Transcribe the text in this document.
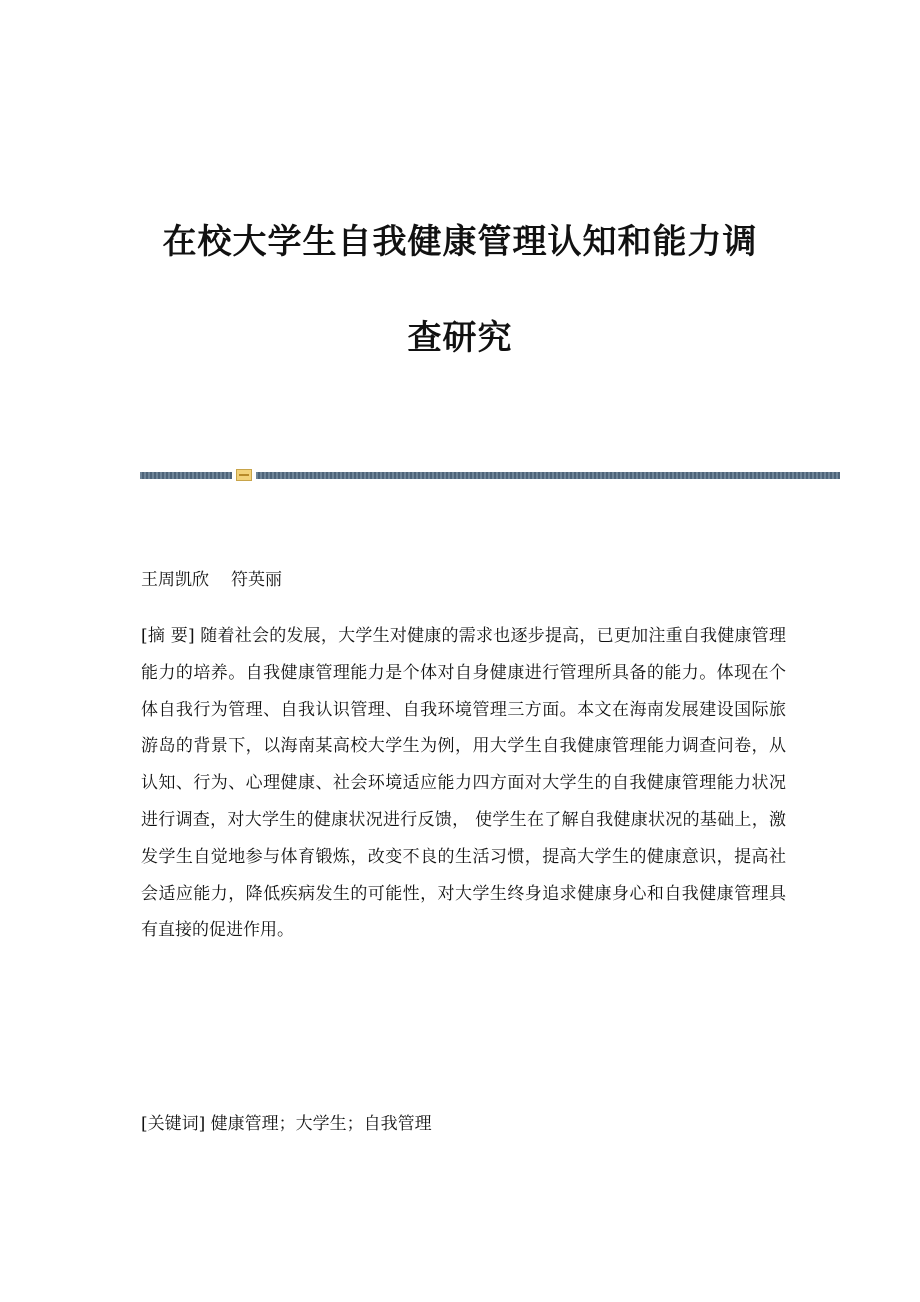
在校大学生自我健康管理认知和能力调
查研究

王周凯欣 符英丽

[摘 要] 随着社会的发展，大学生对健康的需求也逐步提高，已更加注重自我健康管理能力的培养。自我健康管理能力是个体对自身健康进行管理所具备的能力。体现在个体自我行为管理、自我认识管理、自我环境管理三方面。本文在海南发展建设国际旅游岛的背景下，以海南某高校大学生为例，用大学生自我健康管理能力调查问卷，从认知、行为、心理健康、社会环境适应能力四方面对大学生的自我健康管理能力状况进行调查，对大学生的健康状况进行反馈， 使学生在了解自我健康状况的基础上，激发学生自觉地参与体育锻炼，改变不良的生活习惯，提高大学生的健康意识，提高社会适应能力，降低疾病发生的可能性，对大学生终身追求健康身心和自我健康管理具有直接的促进作用。

[关键词] 健康管理；大学生；自我管理
